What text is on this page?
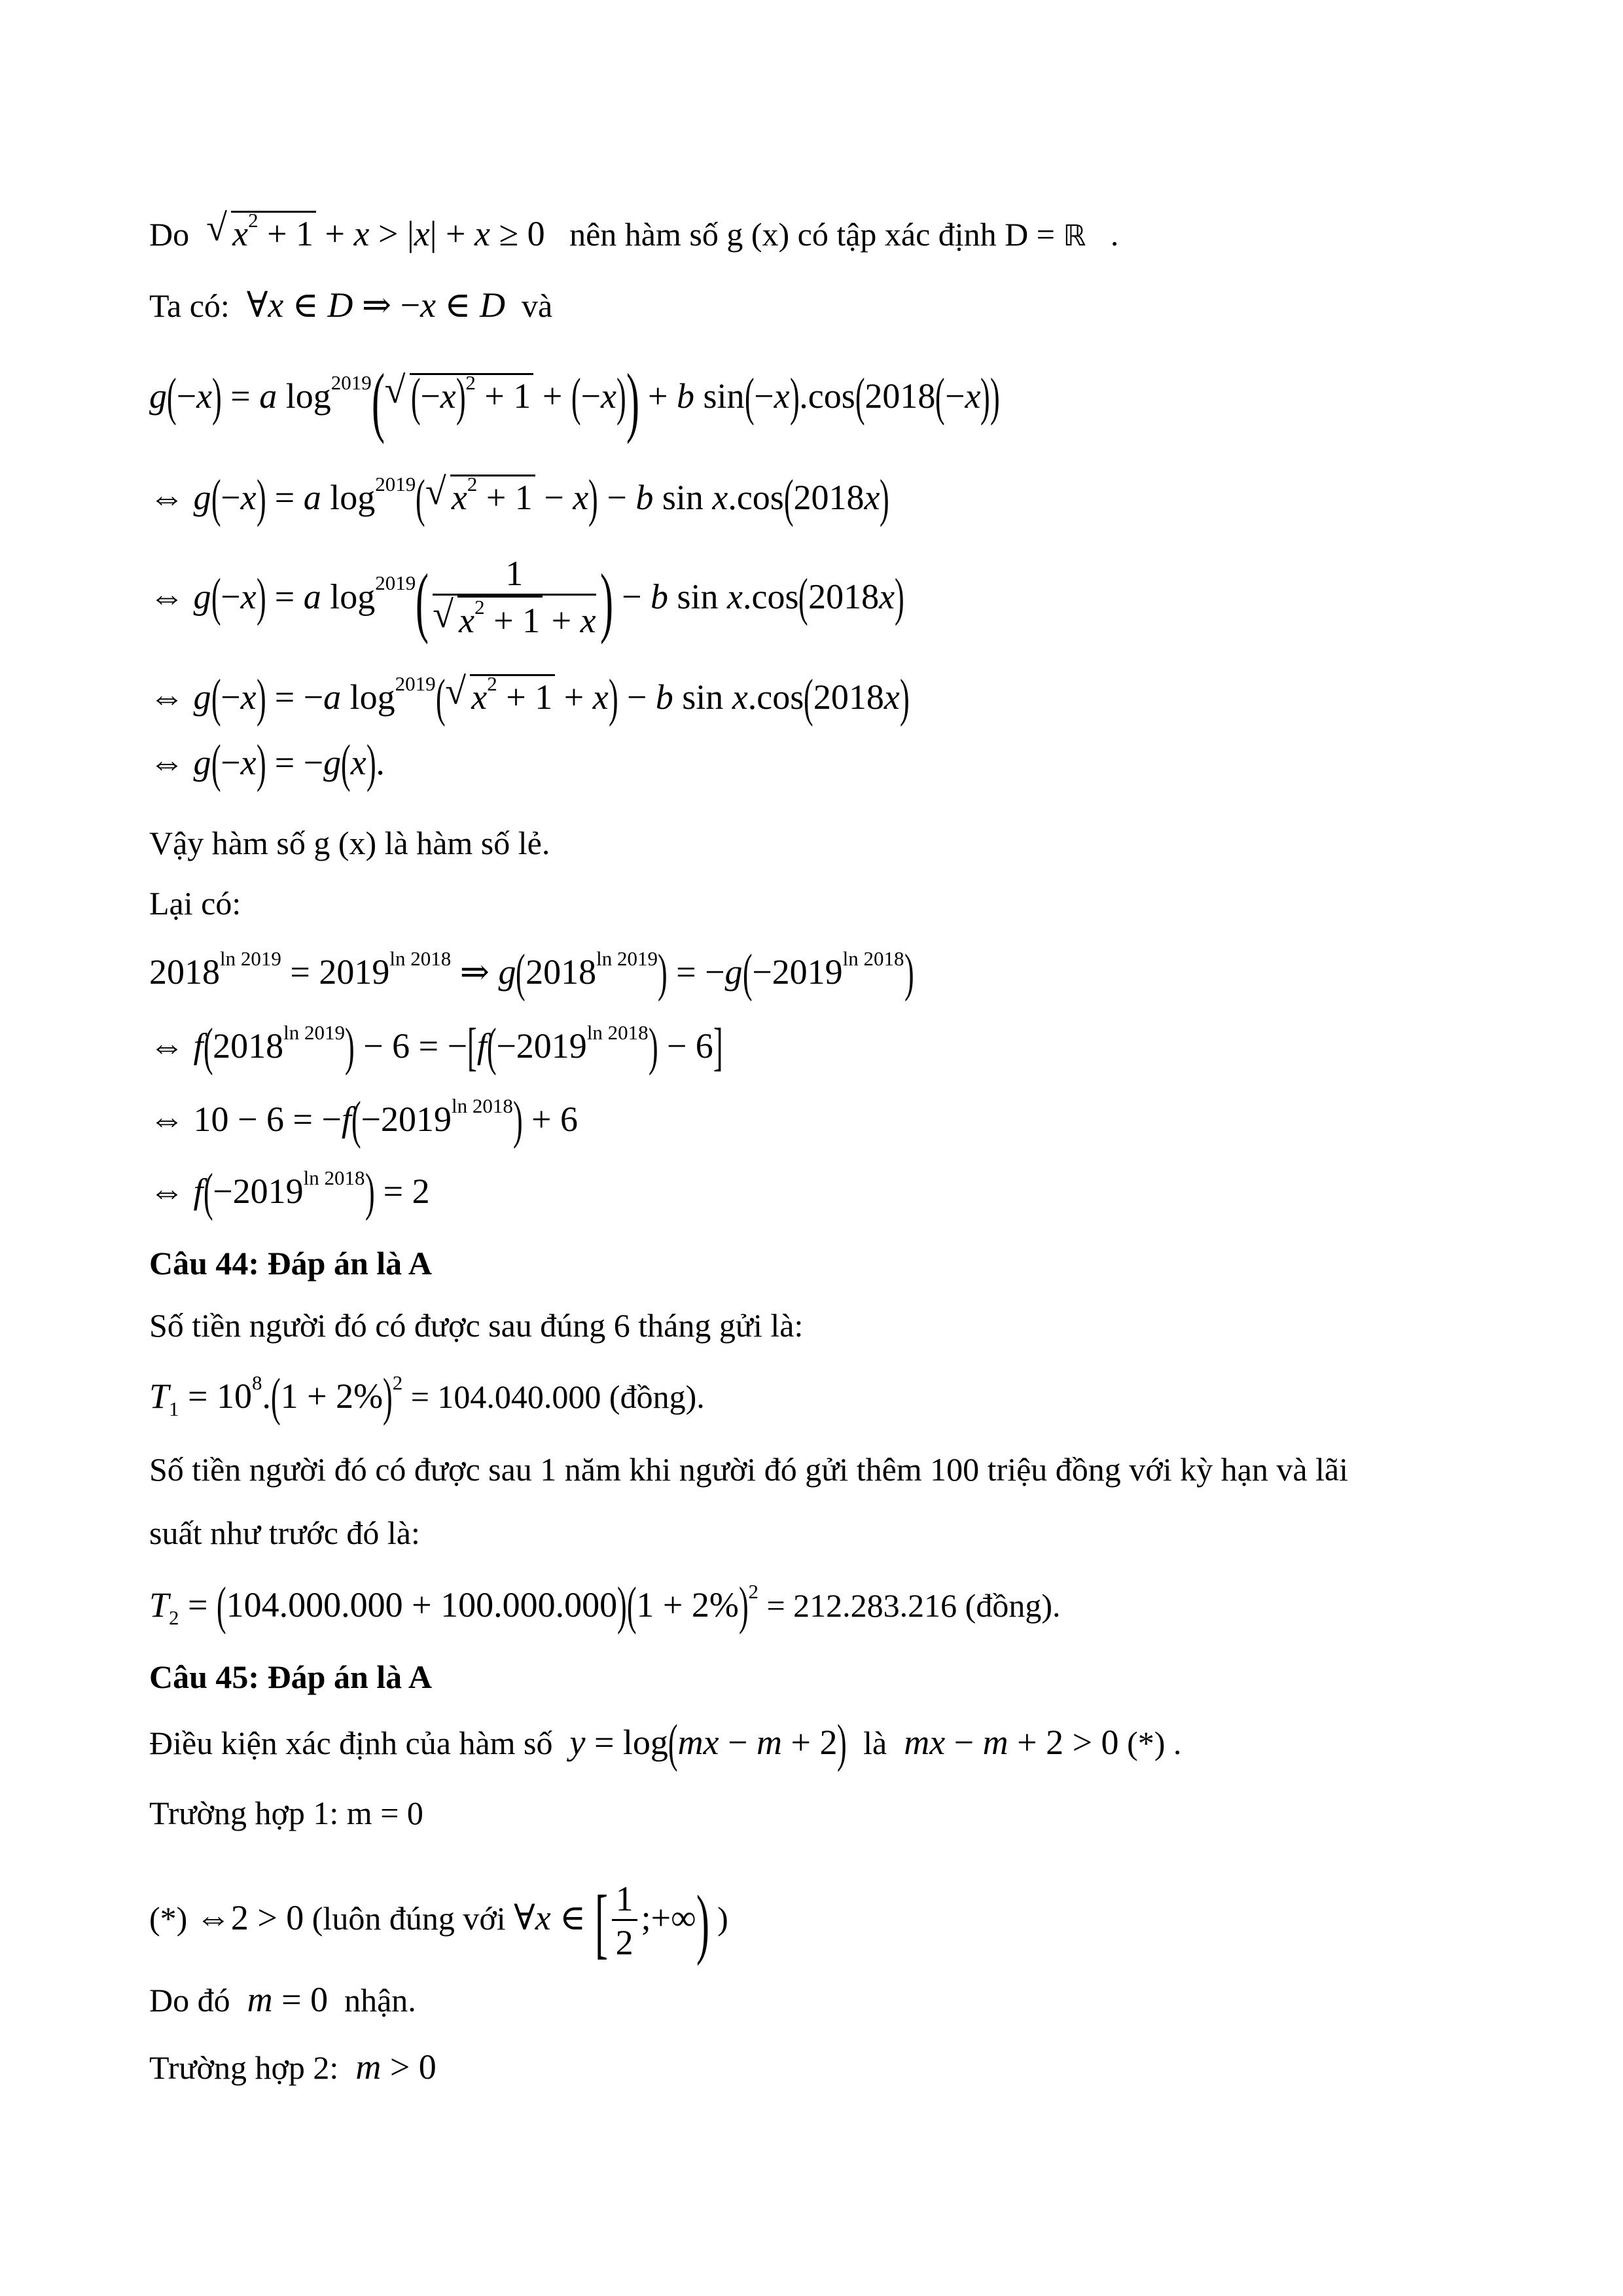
Do  √ $x^2 + 1 + x > |x| + x \ge 0$ nên hàm số g (x) có tập xác định D = ℝ .
Ta có:  ∀x ∈ D ⇒ −x ∈ D và
g(−x) = a $\log^{2019}(√$ $(-x)^2 + 1 + (-x)) + b$ sin(−x).cos(2018(−x))
⇔ g(−x) = a $\log^{2019}(√$ $x^2 + 1 - x) - b$ sin x.cos(2018x)
⇔ g(−x) = a $\log^{2019}$( 1
√ $x^2 + 1 + x$ ) − b sin x.cos(2018x)
⇔ g(−x) = −a $\log^{2019}(√$ $x^2 + 1 + x) - b$ sin x.cos(2018x)
⇔ g(−x) = −g(x).
Vậy hàm số g (x) là hàm số lẻ.
Lại có:
$2018^{ln 2019} = 2019^{ln 2018}$ ⇒ $g(2018^{ln 2019}) = -g(-2019^{ln 2018})$
⇔ $f(2018^{ln 2019}) - 6 = -[f(-2019^{ln 2018}) - 6]$
⇔ $10 - 6 = -f(-2019^{ln 2018}) + 6$
⇔ $f(-2019^{ln 2018}) = 2$
Câu 44: Đáp án là A
Số tiền người đó có được sau đúng 6 tháng gửi là:
$T_1 = 10^8.(1 + 2\%)^2 = 104.040.000$ (đồng).
Số tiền người đó có được sau 1 năm khi người đó gửi thêm 100 triệu đồng với kỳ hạn và lãi
suất như trước đó là:
$T_2 = (104.000.000 + 100.000.000)(1 + 2\%)^2 = 212.283.216$ (đồng).
Câu 45: Đáp án là A
Điều kiện xác định của hàm số y = log(mx − m + 2) là mx − m + 2 > 0 (*) .
Trường hợp 1: m = 0
(*) ⇔2 > 0 (luôn đúng với ∀x ∈ [ $\frac{1}{2}$ ;+∞) )
Do đó m = 0 nhận.
Trường hợp 2: m > 0
